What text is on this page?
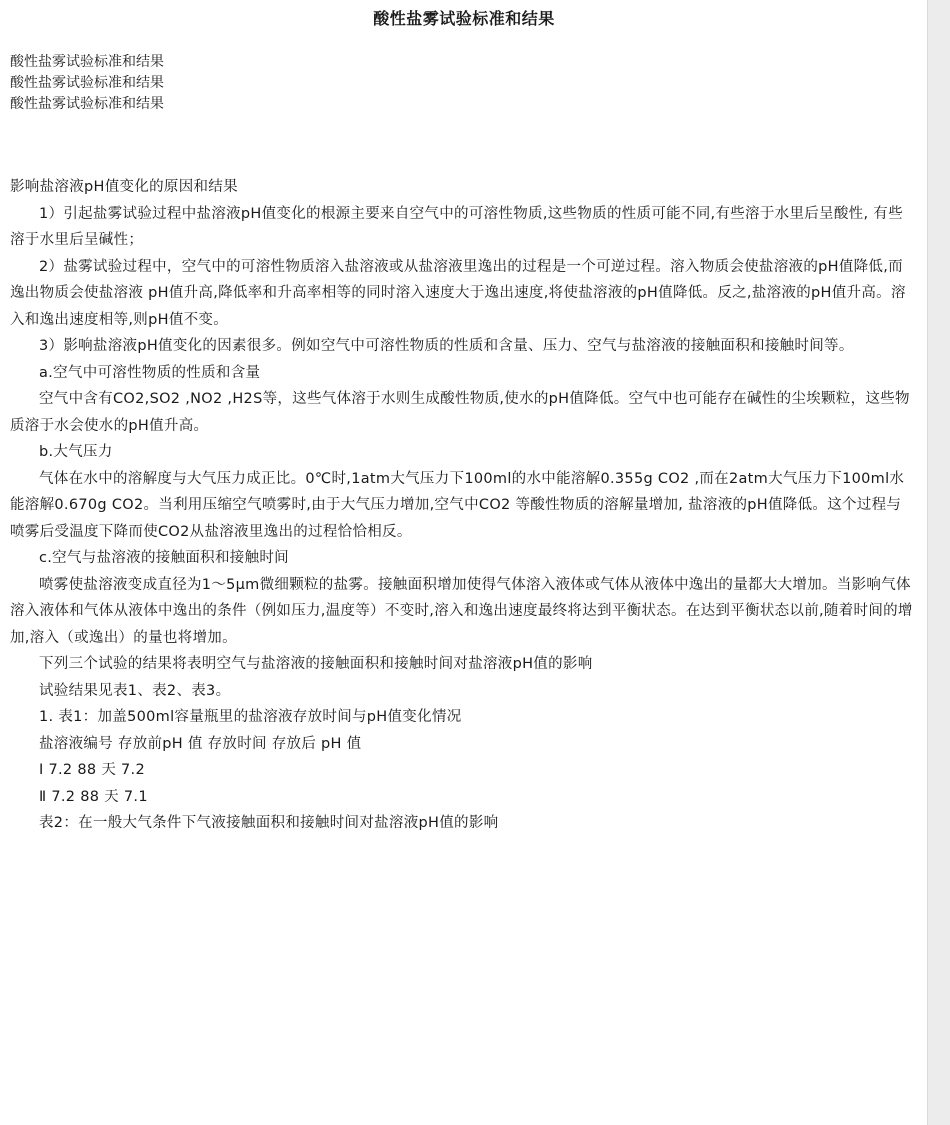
酸性盐雾试验标准和结果
酸性盐雾试验标准和结果
酸性盐雾试验标准和结果
酸性盐雾试验标准和结果

影响盐溶液pH值变化的原因和结果

1）引起盐雾试验过程中盐溶液pH值变化的根源主要来自空气中的可溶性物质,这些物质的性质可能不同,有些溶于水里后呈酸性, 有些溶于水里后呈碱性；

2）盐雾试验过程中，空气中的可溶性物质溶入盐溶液或从盐溶液里逸出的过程是一个可逆过程。溶入物质会使盐溶液的pH值降低,而逸出物质会使盐溶液 pH值升高,降低率和升高率相等的同时溶入速度大于逸出速度,将使盐溶液的pH值降低。反之,盐溶液的pH值升高。溶入和逸出速度相等,则pH值不变。

3）影响盐溶液pH值变化的因素很多。例如空气中可溶性物质的性质和含量、压力、空气与盐溶液的接触面积和接触时间等。

a.空气中可溶性物质的性质和含量

空气中含有CO2,SO2 ,NO2 ,H2S等，这些气体溶于水则生成酸性物质,使水的pH值降低。空气中也可能存在碱性的尘埃颗粒，这些物质溶于水会使水的pH值升高。

b.大气压力

气体在水中的溶解度与大气压力成正比。0℃时,1atm大气压力下100ml的水中能溶解0.355g CO2 ,而在2atm大气压力下100ml水能溶解0.670g CO2。当利用压缩空气喷雾时,由于大气压力增加,空气中CO2 等酸性物质的溶解量增加, 盐溶液的pH值降低。这个过程与喷雾后受温度下降而使CO2从盐溶液里逸出的过程恰恰相反。

c.空气与盐溶液的接触面积和接触时间

喷雾使盐溶液变成直径为1～5μm微细颗粒的盐雾。接触面积增加使得气体溶入液体或气体从液体中逸出的量都大大增加。当影响气体溶入液体和气体从液体中逸出的条件（例如压力,温度等）不变时,溶入和逸出速度最终将达到平衡状态。在达到平衡状态以前,随着时间的增加,溶入（或逸出）的量也将增加。

下列三个试验的结果将表明空气与盐溶液的接触面积和接触时间对盐溶液pH值的影响

试验结果见表1、表2、表3。

1. 表1：加盖500ml容量瓶里的盐溶液存放时间与pH值变化情况

盐溶液编号 存放前pH 值 存放时间 存放后 pH 值

Ⅰ 7.2 88 天 7.2

Ⅱ 7.2 88 天 7.1

表2：在一般大气条件下气液接触面积和接触时间对盐溶液pH值的影响
